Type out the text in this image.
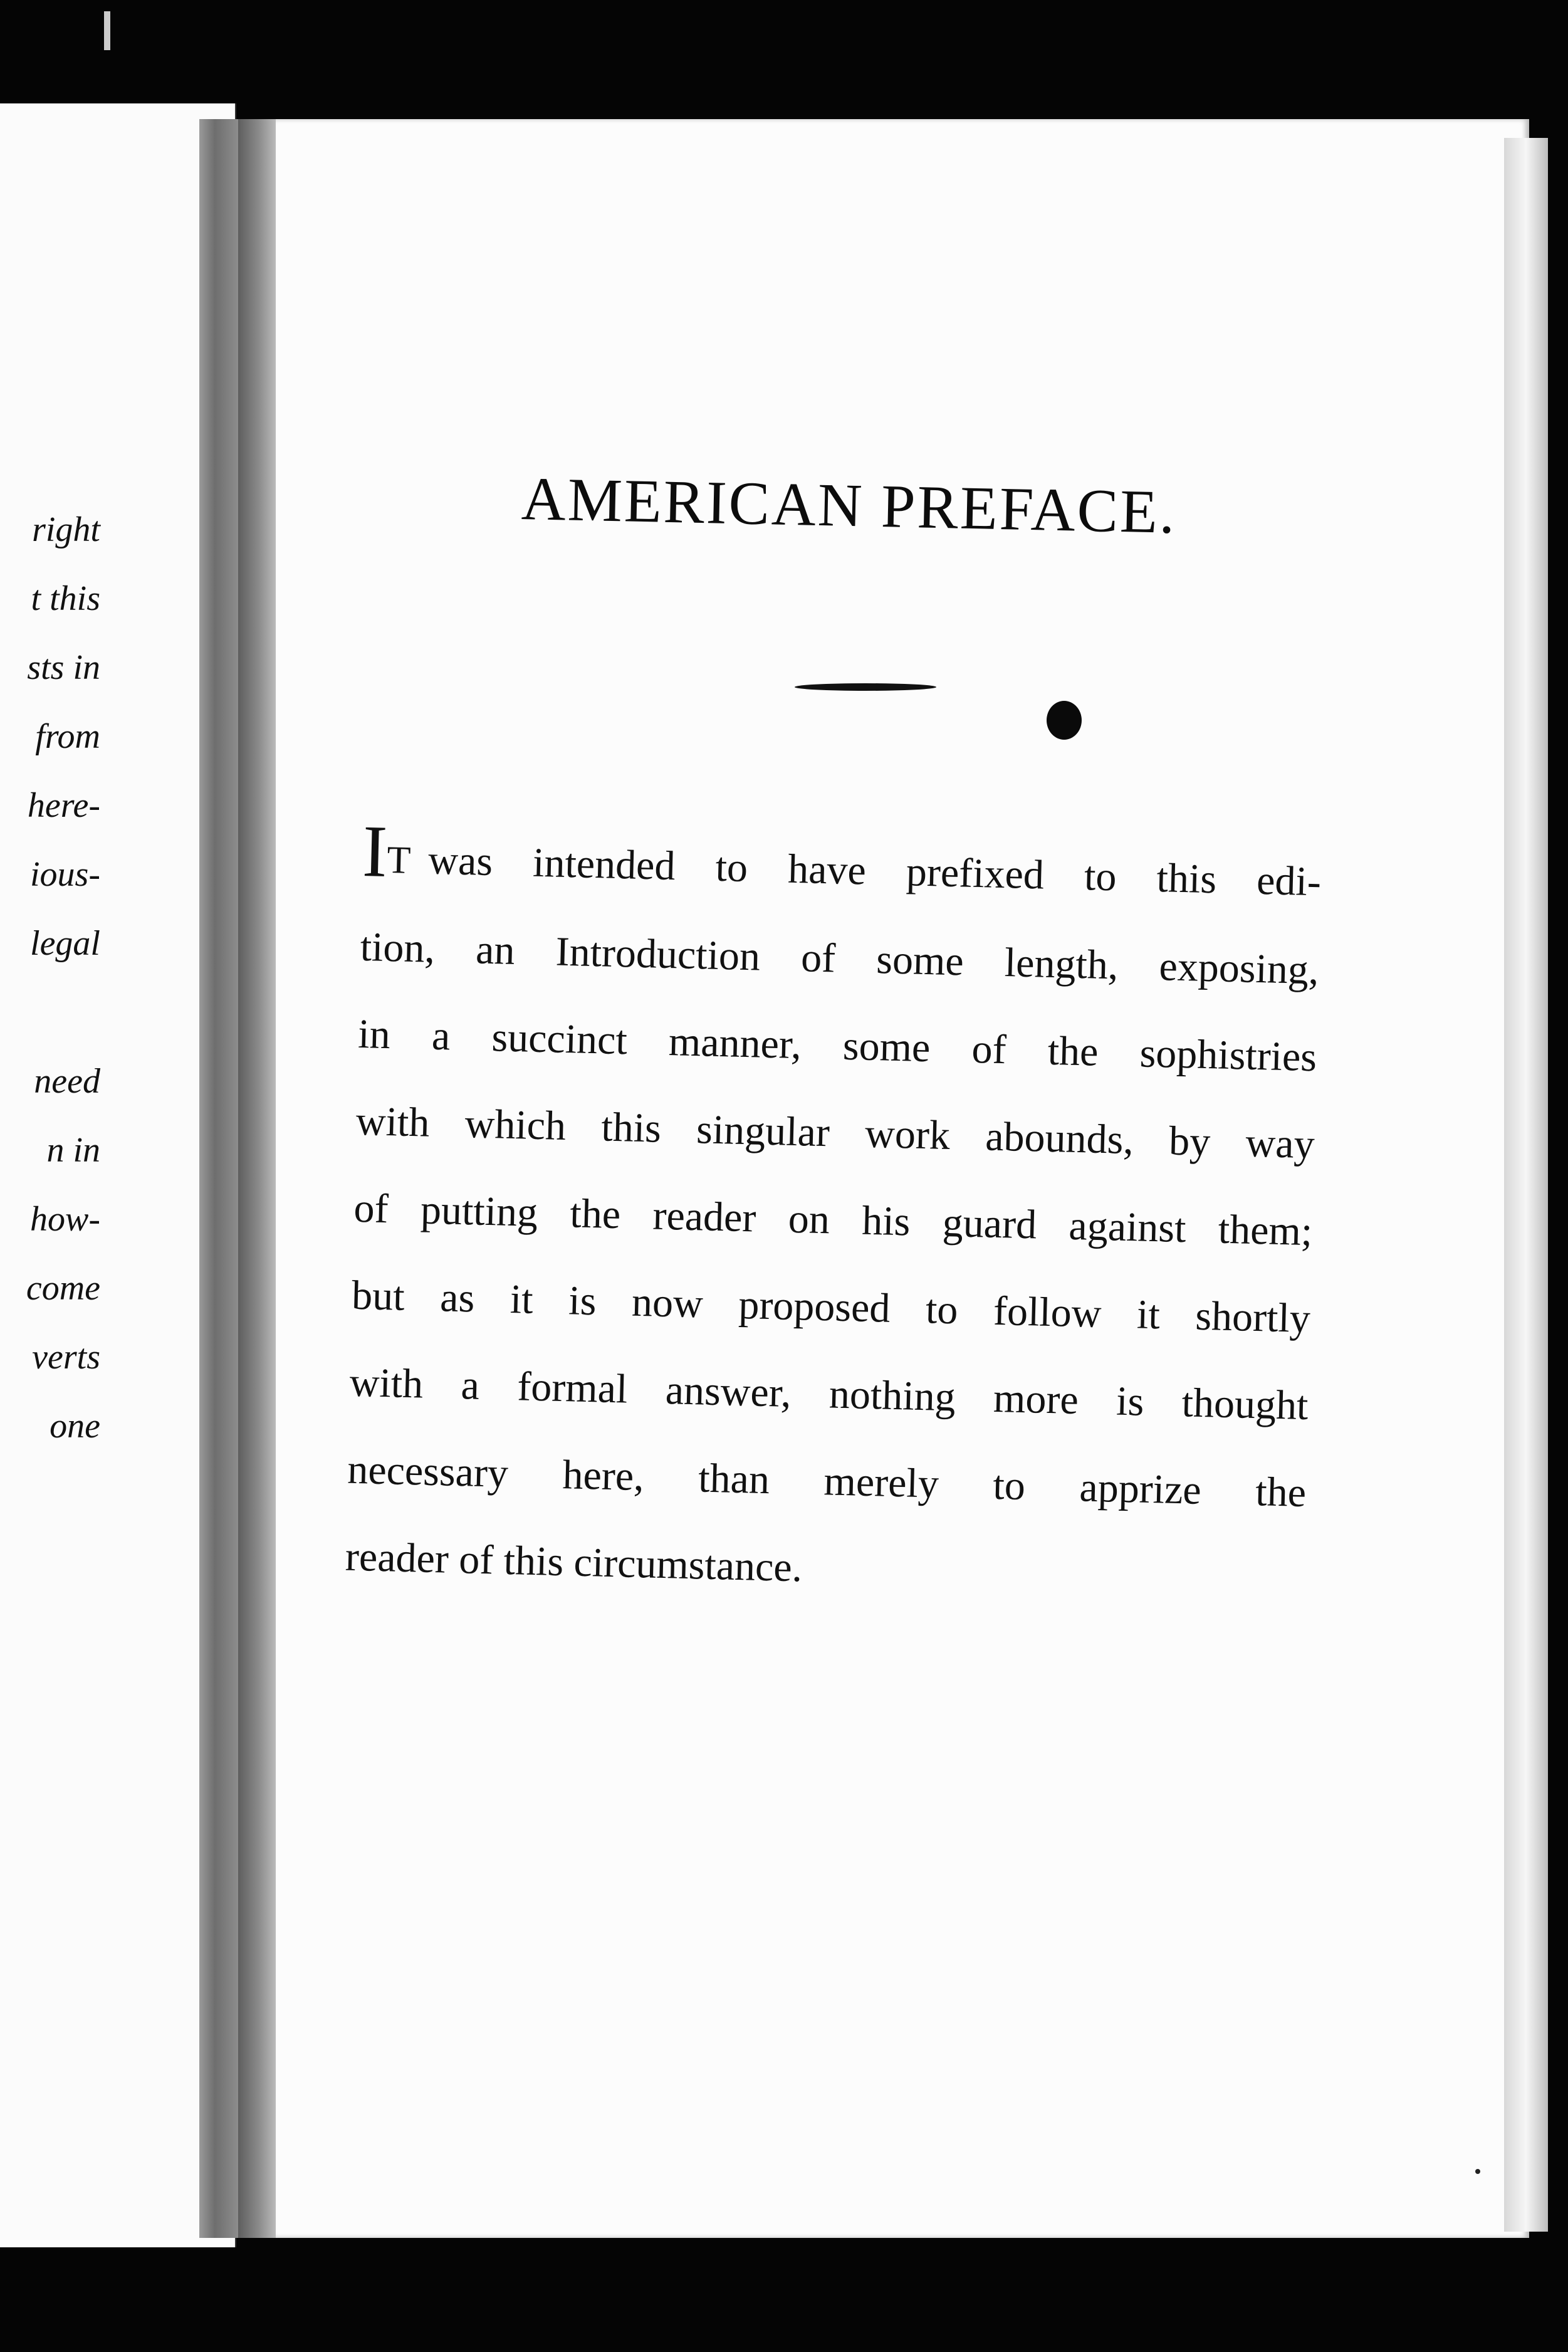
right
t this
sts in
from
here-
ious-
legal
need
n in
how-
come
verts
one
AMERICAN PREFACE.
IT was intended to have prefixed to this edi-
tion, an Introduction of some length, exposing,
in a succinct manner, some of the sophistries
with which this singular work abounds, by way
of putting the reader on his guard against them;
but as it is now proposed to follow it shortly
with a formal answer, nothing more is thought
necessary here, than merely to apprize the
reader of this circumstance.
